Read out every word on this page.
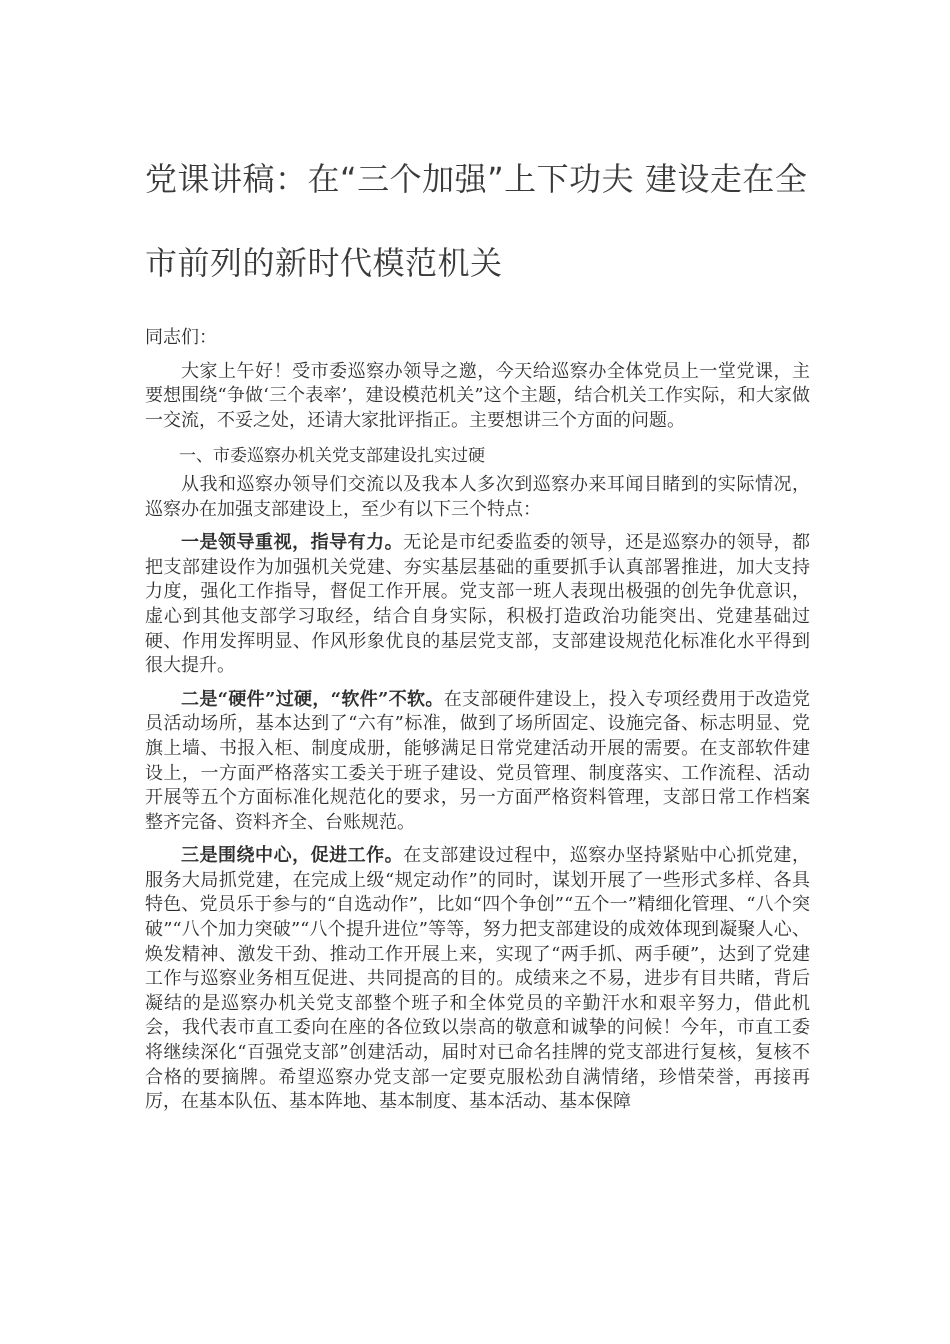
党课讲稿：在“三个加强”上下功夫 建设走在全
市前列的新时代模范机关

同志们：

大家上午好！受市委巡察办领导之邀，今天给巡察办全体党员上一堂党课，主要想围绕“争做‘三个表率’，建设模范机关”这个主题，结合机关工作实际，和大家做一交流，不妥之处，还请大家批评指正。主要想讲三个方面的问题。

一、市委巡察办机关党支部建设扎实过硬

从我和巡察办领导们交流以及我本人多次到巡察办来耳闻目睹到的实际情况，巡察办在加强支部建设上，至少有以下三个特点：

一是领导重视，指导有力。无论是市纪委监委的领导，还是巡察办的领导，都把支部建设作为加强机关党建、夯实基层基础的重要抓手认真部署推进，加大支持力度，强化工作指导，督促工作开展。党支部一班人表现出极强的创先争优意识，虚心到其他支部学习取经，结合自身实际，积极打造政治功能突出、党建基础过硬、作用发挥明显、作风形象优良的基层党支部，支部建设规范化标准化水平得到很大提升。

二是“硬件”过硬，“软件”不软。在支部硬件建设上，投入专项经费用于改造党员活动场所，基本达到了“六有”标准，做到了场所固定、设施完备、标志明显、党旗上墙、书报入柜、制度成册，能够满足日常党建活动开展的需要。在支部软件建设上，一方面严格落实工委关于班子建设、党员管理、制度落实、工作流程、活动开展等五个方面标准化规范化的要求，另一方面严格资料管理，支部日常工作档案整齐完备、资料齐全、台账规范。

三是围绕中心，促进工作。在支部建设过程中，巡察办坚持紧贴中心抓党建，服务大局抓党建，在完成上级“规定动作”的同时，谋划开展了一些形式多样、各具特色、党员乐于参与的“自选动作”，比如“四个争创”“五个一”精细化管理、“八个突破”“八个加力突破”“八个提升进位”等等，努力把支部建设的成效体现到凝聚人心、焕发精神、激发干劲、推动工作开展上来，实现了“两手抓、两手硬”，达到了党建工作与巡察业务相互促进、共同提高的目的。成绩来之不易，进步有目共睹，背后凝结的是巡察办机关党支部整个班子和全体党员的辛勤汗水和艰辛努力，借此机会，我代表市直工委向在座的各位致以崇高的敬意和诚挚的问候！今年，市直工委将继续深化“百强党支部”创建活动，届时对已命名挂牌的党支部进行复核，复核不合格的要摘牌。希望巡察办党支部一定要克服松劲自满情绪，珍惜荣誉，再接再厉，在基本队伍、基本阵地、基本制度、基本活动、基本保障
